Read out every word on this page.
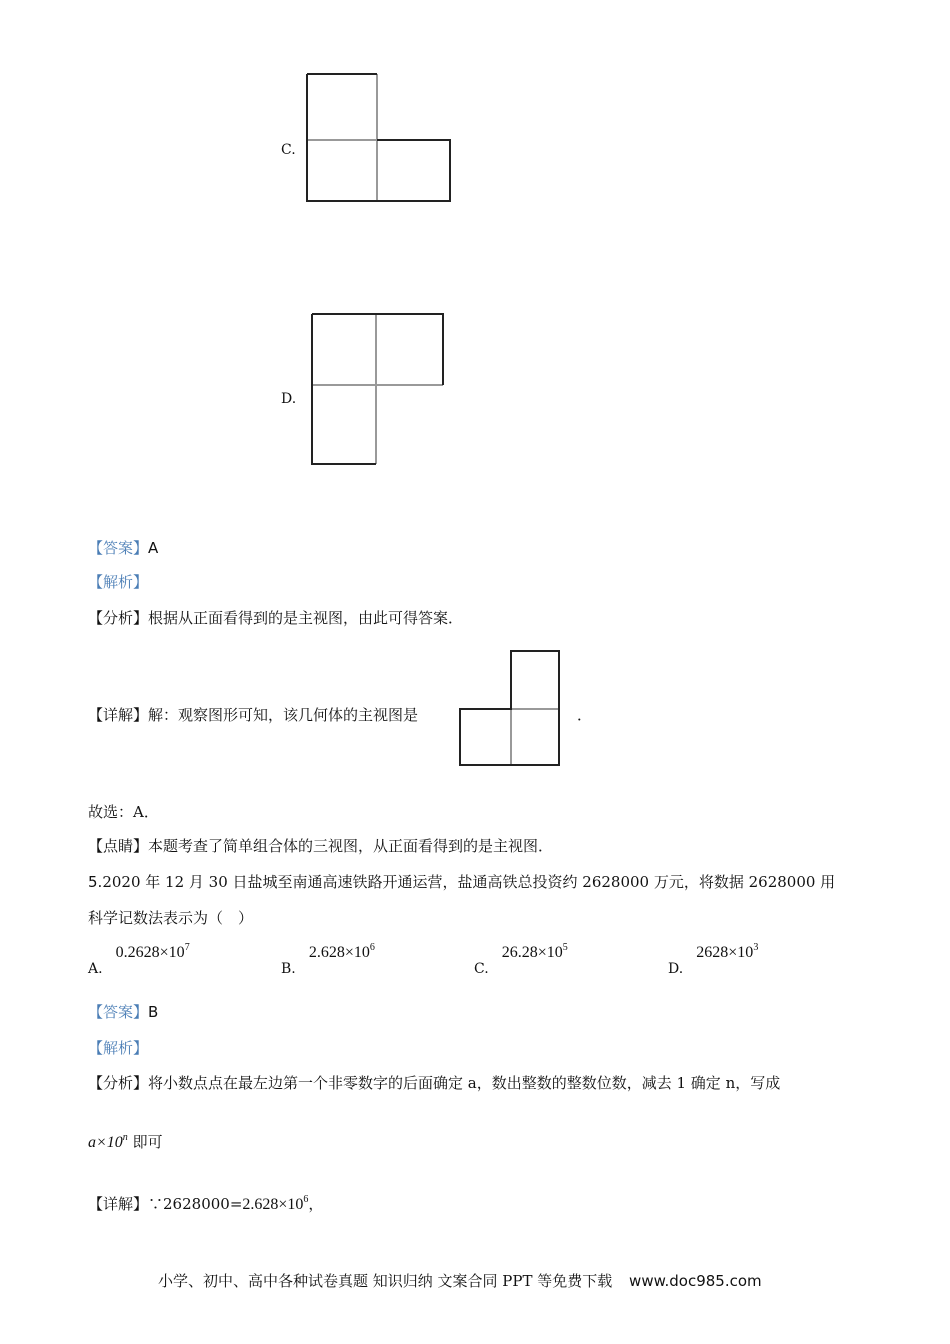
C.
D.
【答案】A
【解析】
【分析】根据从正面看得到的是主视图，由此可得答案．
【详解】解：观察图形可知，该几何体的主视图是	．
故选：A．
【点睛】本题考查了简单组合体的三视图，从正面看得到的是主视图．
5.2020 年 12 月 30 日盐城至南通高速铁路开通运营，盐通高铁总投资约 2628000 万元，将数据 2628000 用
科学记数法表示为（　）
A. $0.2628\times 10^7$
B. $2.628\times 10^6$
C. $26.28\times 10^5$
D. $2628\times 10^3$
【答案】B
【解析】
【分析】将小数点点在最左边第一个非零数字的后面确定 a，数出整数的整数位数，减去 1 确定 n，写成
$a\times 10^n$ 即可
【详解】$\because 2628000=2.628\times 10^6$，
小学、初中、高中各种试卷真题 知识归纳 文案合同 PPT 等免费下载 www.doc985.com
